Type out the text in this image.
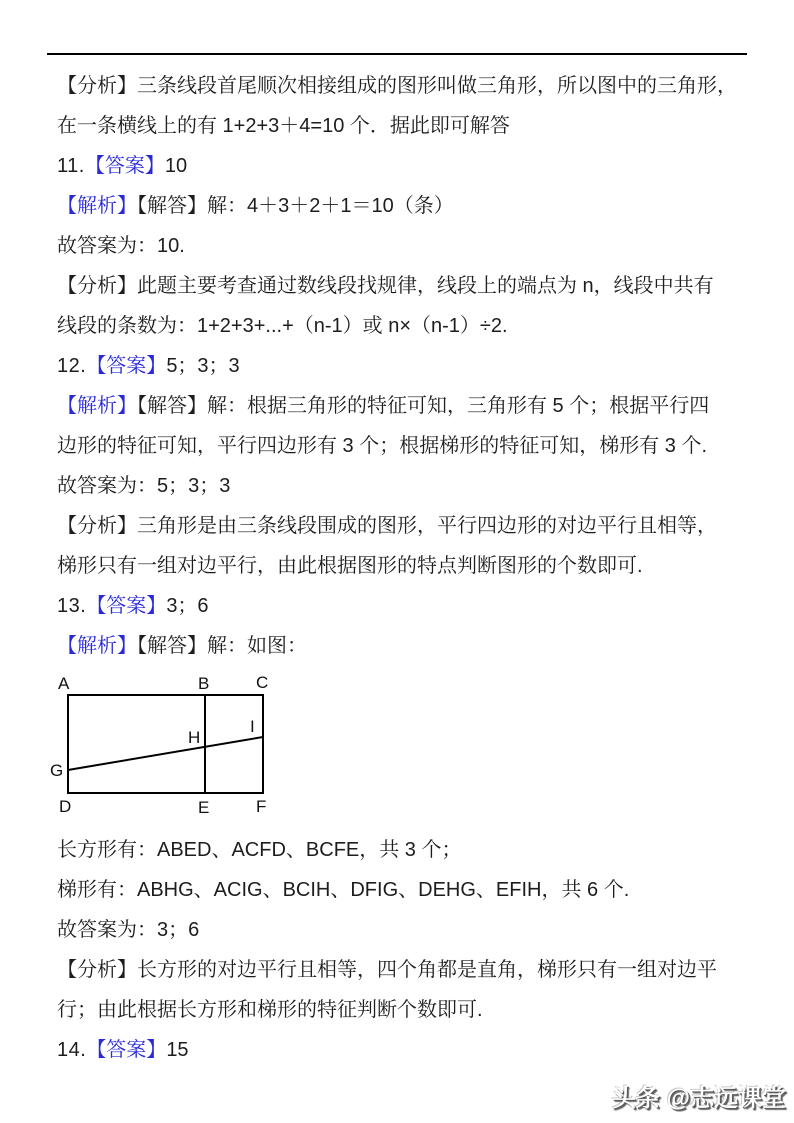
【分析】三条线段首尾顺次相接组成的图形叫做三角形，所以图中的三角形，
在一条横线上的有 1+2+3＋4=10 个．据此即可解答

11.【答案】10

【解析】【解答】解：4＋3＋2＋1＝10（条）

故答案为：10.

【分析】此题主要考查通过数线段找规律，线段上的端点为 n，线段中共有
线段的条数为：1+2+3+...+（n-1）或 n×（n-1）÷2.

12.【答案】5；3；3

【解析】【解答】解：根据三角形的特征可知，三角形有 5 个；根据平行四
边形的特征可知，平行四边形有 3 个；根据梯形的特征可知，梯形有 3 个.

故答案为：5；3；3

【分析】三角形是由三条线段围成的图形，平行四边形的对边平行且相等，
梯形只有一组对边平行，由此根据图形的特点判断图形的个数即可.

13.【答案】3；6

【解析】【解答】解：如图：

A	B	C
G
H
I
D	E	F

长方形有：ABED、ACFD、BCFE，共 3 个；

梯形有：ABHG、ACIG、BCIH、DFIG、DEHG、EFIH，共 6 个.

故答案为：3；6

【分析】长方形的对边平行且相等，四个角都是直角，梯形只有一组对边平
行；由此根据长方形和梯形的特征判断个数即可.

14.【答案】15

头条 @志远课堂
